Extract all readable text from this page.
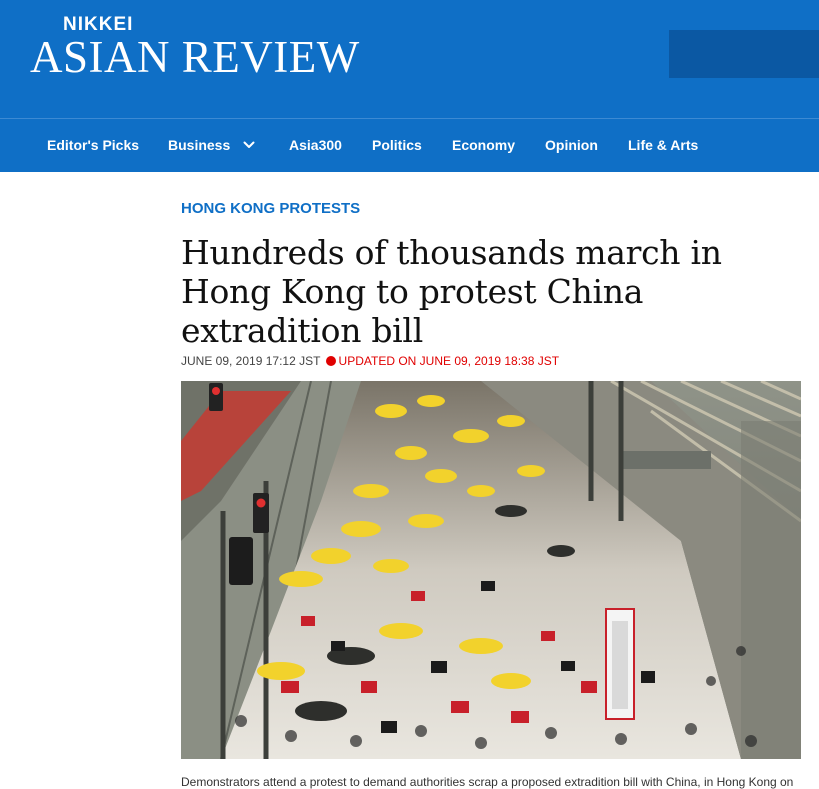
NIKKEI
ASIAN REVIEW
Editor's Picks Business	Asia300 Politics Economy Opinion Life & Arts
HONG KONG PROTESTS
Hundreds of thousands march in Hong Kong to protest China extradition bill
JUNE 09, 2019 17:12 JST UPDATED ON JUNE 09, 2019 18:38 JST
Demonstrators attend a protest to demand authorities scrap a proposed extradition bill with China, in Hong Kong on
